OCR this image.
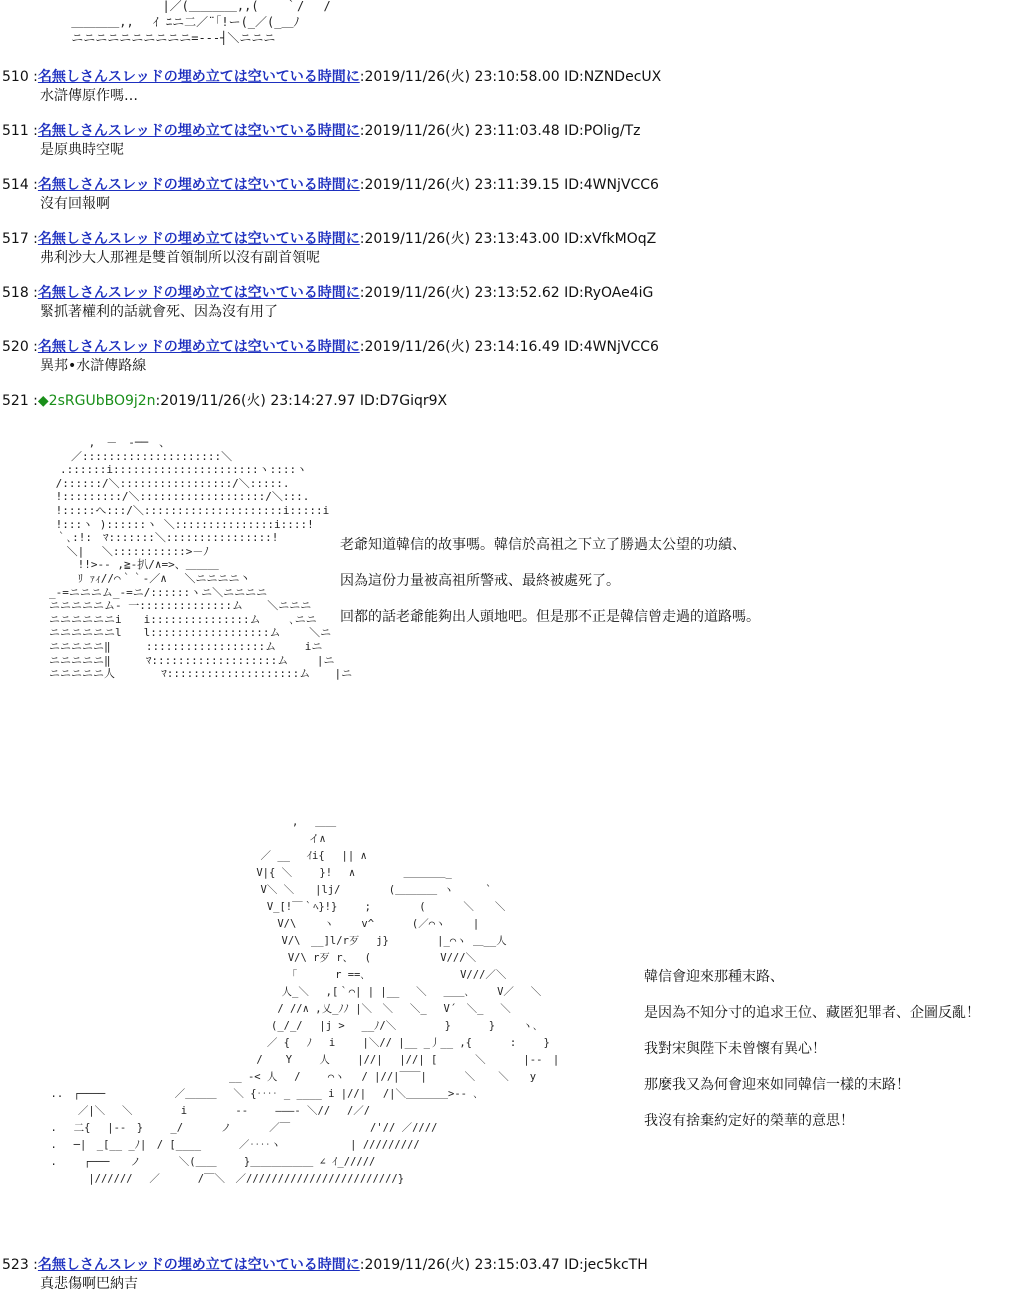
　　　　　　　　 　 |／(＿＿＿＿,,(　  ｀/　 /
　　 ＿＿＿＿,,　 ｲ ﾆニ二／¨｢!ー(_／(_＿ﾉ
　　 ニニニニニニニニニニ=---┤＼ニニニ
510 :名無しさんスレッドの埋め立ては空いている時間に:2019/11/26(火) 23:10:58.00 ID:NZNDecUX
水滸傳原作嗎…
511 :名無しさんスレッドの埋め立ては空いている時間に:2019/11/26(火) 23:11:03.48 ID:POlig/Tz
是原典時空呢
514 :名無しさんスレッドの埋め立ては空いている時間に:2019/11/26(火) 23:11:39.15 ID:4WNjVCC6
沒有回報啊
517 :名無しさんスレッドの埋め立ては空いている時間に:2019/11/26(火) 23:13:43.00 ID:xVfkMOqZ
弗利沙大人那裡是雙首領制所以沒有副首領呢
518 :名無しさんスレッドの埋め立ては空いている時間に:2019/11/26(火) 23:13:52.62 ID:RyOAe4iG
緊抓著權利的話就會死、因為沒有用了
520 :名無しさんスレッドの埋め立ては空いている時間に:2019/11/26(火) 23:14:16.49 ID:4WNjVCC6
異邦•水滸傳路線
521 :◆2sRGUbBO9j2n:2019/11/26(火) 23:14:27.97 ID:D7Giqr9X
　　　 　,　－　‐──　、
　　　／:::::::::::::::::::::＼
　　.::::::i::::::::::::::::::::::ヽ::::ヽ
　 /::::::/＼:::::::::::::::::/＼:::::.
　 !:::::::::/＼:::::::::::::::::::/＼:::.
　 !:::::へ:::/＼:::::::::::::::::::::i:::::i
　 !:::ヽ )::::::ヽ ＼:::::::::::::::i::::!
　 ｀､:!:　ﾏ:::::::＼::::::::::::::::!
　　 ＼|　 ＼:::::::::::>－ﾉ
　　　 !!>‐‐ ,≧-扒/∧=>、＿＿＿
　　　 ﾘ ｧｨ//⌒｀｀-／∧　 ＼ニニニニ丶
　_-=ニニニム_-=ニ/::::::ヽニ＼ニニニニ
　ニニニニニム- 一::::::::::::::ム 　 ＼ニニニ
　ニニニニニニi　　i:::::::::::::::ム　　 ､ニニ
　ニニニニニニl　　l::::::::::::::::::ム　　 ＼ニ
　ニニニニニ‖ 　　 ::::::::::::::::::ム　　 iニ
　ニニニニニ‖ 　　 ﾏ:::::::::::::::::::ム　　 |ニ
　ニニニニニ人 　　　 ﾏ::::::::::::::::::::ム 　 |ニ
老爺知道韓信的故事嗎。韓信於高祖之下立了勝過太公望的功績、
因為這份力量被高祖所警戒、最終被處死了。
回都的話老爺能夠出人頭地吧。但是那不正是韓信曾走過的道路嗎。
　　　　　　　　　　　　　　　　　　　　　　　　,　 ＿＿
　　　　　　　　　　　　　　　　　　　　　　　　　 イ∧
　　　　　　　　　　　　　　　　　　　　　／ __　 ｲi{ 　|| ∧
　　　　　　　　　　　　　　　　　　　　 V|{ ＼　　 }!　 ∧　　　　 ＿＿＿＿_
　　　　　　　　　　　　　　　　　　　　　V＼ ＼　　|lj/　　　　 (＿＿＿＿ ヽ　　　`
　　　　　　　　　　　　　　　　　　　　　 V_[!￣｀ﾍ}!}　　 ;　　　　 (　　　 ＼　　＼
　　　　　　　　　　　　　　　　　　　　　　 V/\　　 ヽ　　 v^　　　 (／⌒ヽ　　 |
　　　　　　　　　　　　　　　　　　　　　　　V/\　__]l/r歹　 j}　　　　 |_⌒ヽ ＿__人
　　　　　　　　　　　　　　　　　　　　　　　 V/\ r歹 r、　 (　　　　　　 V///＼
　　　　　　　　　　　　　　　　　　　　　　　　｢　　　 r ==､　　　　　　　　　V///／＼
　　　　　　　　　　　　　　　　　　　　　　　人_＼　 ,[｀⌒| | |__　 ＼　 ＿＿､　　 V／　 ＼
　　　　　　　　　　　　　　　　　　　　　　 / //∧ ,乂_ﾉﾉ |＼　＼　 ＼_　 V´　＼_　 ＼
　　　　　　　　　　　　　　　　　　　　　　(_/_/ 　|j >　 __ﾉ/＼　　　　 }　　　 }　　 ヽ､
　　　　　　　　　　　　　　　　　　　　　 ／ {　 ﾉ　 i　　 |＼// |__ _丿__ ,{　　　 :　　 }
　　　　　　　　　　　　　　　　　　　　 / 　 Y　 　人　　 |//| 　|//| [　　　 ＼　　　 |‐-　|
　　　　　　　　　　　　　　　　　　__ -< 人 　/　　 ⌒ヽ　 / |//|￣￣|　　　 ＼ 　 ＼　　y
　..　┌────　　　　　　 ／＿＿＿　 ＼ {‥‥ _ ____ i |//|　 /|＼＿＿＿＿>-‐ ､
　　　 ／|＼　 ＼　　　　 i　　　　 ‐‐　　 ―――‐ ＼//　 /／/
　.　 二{　 |‐‐　}　　 _/　　　 ノ　　　 ／￣　　　　　　　 /'// ／////
　.　 ─|　_[__ _ﾉ|　/ [____　　　 ／‥‥ヽ　　　　　　 | /////////
　.　　 ┌───　　ノ　　　 ＼(＿＿　　 }＿＿＿＿＿＿ ∠ ｲ_/////
　　　　 |////// 　／　　　 /￣＼　／////////////////////////}
韓信會迎來那種末路、
是因為不知分寸的追求王位、藏匿犯罪者、企圖反亂！
我對宋與陛下未曾懷有異心！
那麼我又為何會迎來如同韓信一樣的末路！
我沒有捨棄約定好的榮華的意思！
523 :名無しさんスレッドの埋め立ては空いている時間に:2019/11/26(火) 23:15:03.47 ID:jec5kcTH
真悲傷啊巴納吉
